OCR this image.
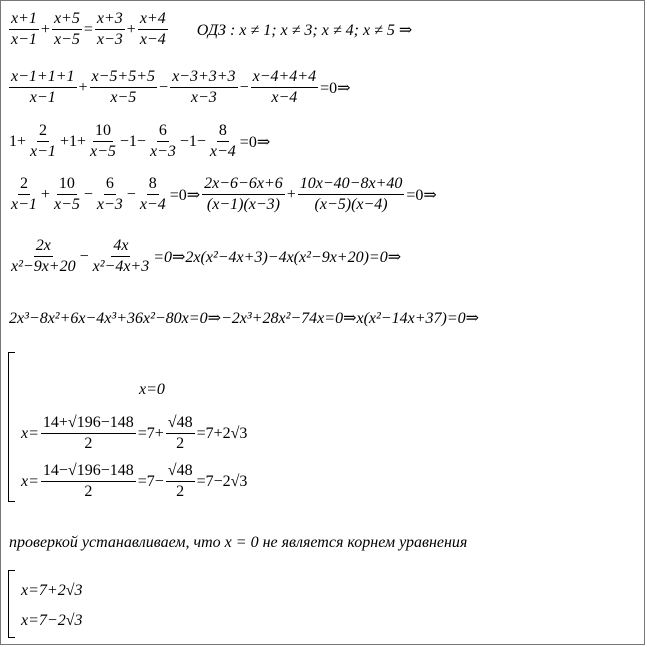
$\frac{x+1}{x-1} + \frac{x+5}{x-5} = \frac{x+3}{x-3} + \frac{x+4}{x-4}$ ОДЗ : x ≠ 1; x ≠ 3; x ≠ 4; x ≠ 5 ⇒
$\frac{x-1+1+1}{x-1} + \frac{x-5+5+5}{x-5} - \frac{x-3+3+3}{x-3} - \frac{x-4+4+4}{x-4}$ =0⇒
$1+ \frac{2}{x-1} +1+ \frac{10}{x-5} -1- \frac{6}{x-3} -1- \frac{8}{x-4}$ =0⇒
$\frac{2}{x-1} + \frac{10}{x-5} - \frac{6}{x-3} - \frac{8}{x-4}$ =0⇒ $\frac{2x-6-6x+6}{(x-1)(x-3)} + \frac{10x-40-8x+40}{(x-5)(x-4)}$ =0⇒
$\frac{2x}{\text{x²−9x+20}} - \frac{4x}{\text{x²−4x+3}}$ =0⇒2x(x²−4x+3)−4x(x²−9x+20)=0⇒
2x³−8x²+6x−4x³+36x²−80x=0⇒−2x³+28x²−74x=0⇒x(x²−14x+37)=0⇒
x=0
$x= \frac{14+√196-148}{2} =7+ \frac{√48}{2} =7+2√3$
$x= \frac{14-√196-148}{2} =7- \frac{√48}{2} =7-2√3$
проверкой устанавливаем, что x = 0 не является корнем уравнения
x=7+2√3
x=7−2√3
